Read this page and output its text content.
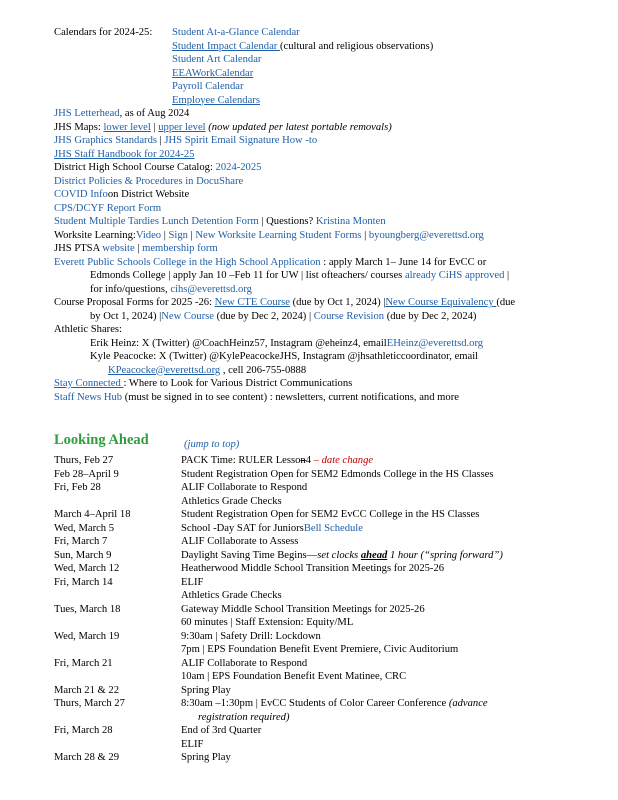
Calendars for 2024-25: Student At-a-Glance Calendar
Student Impact Calendar (cultural and religious observations)
Student Art Calendar
EEAWorkCalendar
Payroll Calendar
Employee Calendars
JHS Letterhead, as of Aug 2024
JHS Maps: lower level | upper level (now updated per latest portable removals)
JHS Graphics Standards | JHS Spirit Email Signature How -to
JHS Staff Handbook for 2024-25
District High School Course Catalog: 2024-2025
District Policies & Procedures in DocuShare
COVID Infoon District Website
CPS/DCYF Report Form
Student Multiple Tardies Lunch Detention Form | Questions? Kristina Monten
Worksite Learning:Video | Sign | New Worksite Learning Student Forms | byoungberg@everettsd.org
JHS PTSA website | membership form
Everett Public Schools College in the High School Application : apply March 1– June 14 for EvCC or
Edmonds College | apply Jan 10 –Feb 11 for UW | list ofteachers/ courses already CiHS approved |
for info/questions, cihs@everettsd.org
Course Proposal Forms for 2025 -26: New CTE Course (due by Oct 1, 2024) |New Course Equivalency (due
by Oct 1, 2024) |New Course (due by Dec 2, 2024) | Course Revision (due by Dec 2, 2024)
Athletic Shares:
Erik Heinz: X (Twitter) @CoachHeinz57, Instagram @eheinz4, emailEHeinz@everettsd.org
Kyle Peacocke: X (Twitter) @KylePeacockeJHS, Instagram @jhsathleticcoordinator, email
KPeacocke@everettsd.org , cell 206-755-0888
Stay Connected : Where to Look for Various District Communications
Staff News Hub (must be signed in to see content) : newsletters, current notifications, and more
Looking Ahead	(jump to top)
Thurs, Feb 27	PACK Time: RULER Lesson4 – date change
Feb 28–April 9	Student Registration Open for SEM2 Edmonds College in the HS Classes
Fri, Feb 28	ALIF Collaborate to Respond
Athletics Grade Checks
March 4–April 18	Student Registration Open for SEM2 EvCC College in the HS Classes
Wed, March 5	School -Day SAT for JuniorsBell Schedule
Fri, March 7	ALIF Collaborate to Assess
Sun, March 9	Daylight Saving Time Begins—set clocks ahead 1 hour (“spring forward”)
Wed, March 12	Heatherwood Middle School Transition Meetings for 2025-26
Fri, March 14	ELIF
Athletics Grade Checks
Tues, March 18	Gateway Middle School Transition Meetings for 2025-26
60 minutes | Staff Extension: Equity/ML
Wed, March 19	9:30am | Safety Drill: Lockdown
7pm | EPS Foundation Benefit Event Premiere, Civic Auditorium
Fri, March 21	ALIF Collaborate to Respond
10am | EPS Foundation Benefit Event Matinee, CRC
March 21 & 22	Spring Play
Thurs, March 27	8:30am –1:30pm | EvCC Students of Color Career Conference (advance
registration required)
Fri, March 28	End of 3rd Quarter
ELIF
March 28 & 29	Spring Play
